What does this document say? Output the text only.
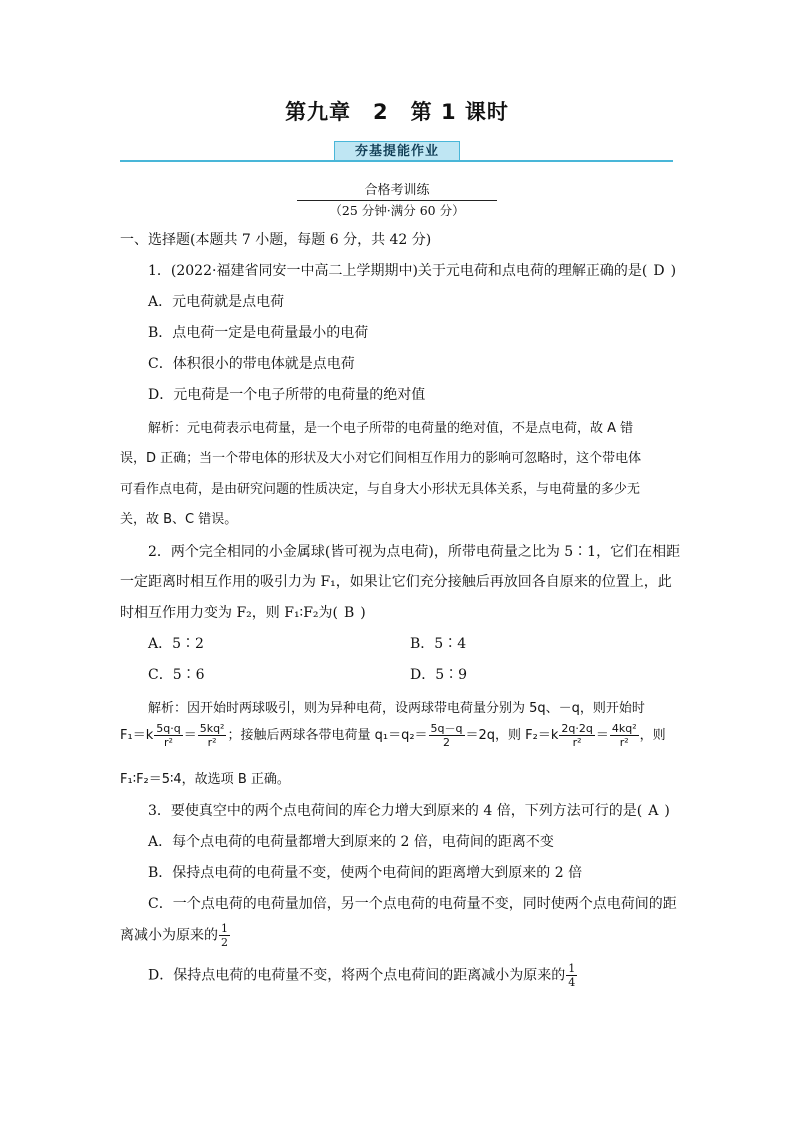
第九章　2　第 1 课时
夯基提能作业
合格考训练
（25 分钟·满分 60 分）
一、选择题(本题共 7 小题，每题 6 分，共 42 分)
1．(2022·福建省同安一中高二上学期期中)关于元电荷和点电荷的理解正确的是( D )
A．元电荷就是点电荷
B．点电荷一定是电荷量最小的电荷
C．体积很小的带电体就是点电荷
D．元电荷是一个电子所带的电荷量的绝对值
解析：元电荷表示电荷量，是一个电子所带的电荷量的绝对值，不是点电荷，故 A 错
误，D 正确；当一个带电体的形状及大小对它们间相互作用力的影响可忽略时，这个带电体
可看作点电荷，是由研究问题的性质决定，与自身大小形状无具体关系，与电荷量的多少无
关，故 B、C 错误。
2．两个完全相同的小金属球(皆可视为点电荷)，所带电荷量之比为 5∶1，它们在相距
一定距离时相互作用的吸引力为 F₁，如果让它们充分接触后再放回各自原来的位置上，此
时相互作用力变为 F₂，则 F₁∶F₂为( B )
A．5∶2	B．5∶4
C．5∶6	D．5∶9
解析：因开始时两球吸引，则为异种电荷，设两球带电荷量分别为 5q、－q，则开始时
$F_1=k \frac{5q\cdot q}{\text{r²}} = \frac{\text{5kq²}}{\text{r²}}$ ；接触后两球各带电荷量 $q_1=q_2= \frac{5q-q}{2} =2q$，则 $F_2=k \frac{2q\cdot 2q}{\text{r²}} = \frac{\text{4kq²}}{\text{r²}}$ ，则
F₁∶F₂＝5∶4，故选项 B 正确。
3．要使真空中的两个点电荷间的库仑力增大到原来的 4 倍，下列方法可行的是( A )
A．每个点电荷的电荷量都增大到原来的 2 倍，电荷间的距离不变
B．保持点电荷的电荷量不变，使两个电荷间的距离增大到原来的 2 倍
C．一个点电荷的电荷量加倍，另一个点电荷的电荷量不变，同时使两个点电荷间的距
离减小为原来的 $\frac{1}{2}$
D．保持点电荷的电荷量不变，将两个点电荷间的距离减小为原来的 $\frac{1}{4}$
